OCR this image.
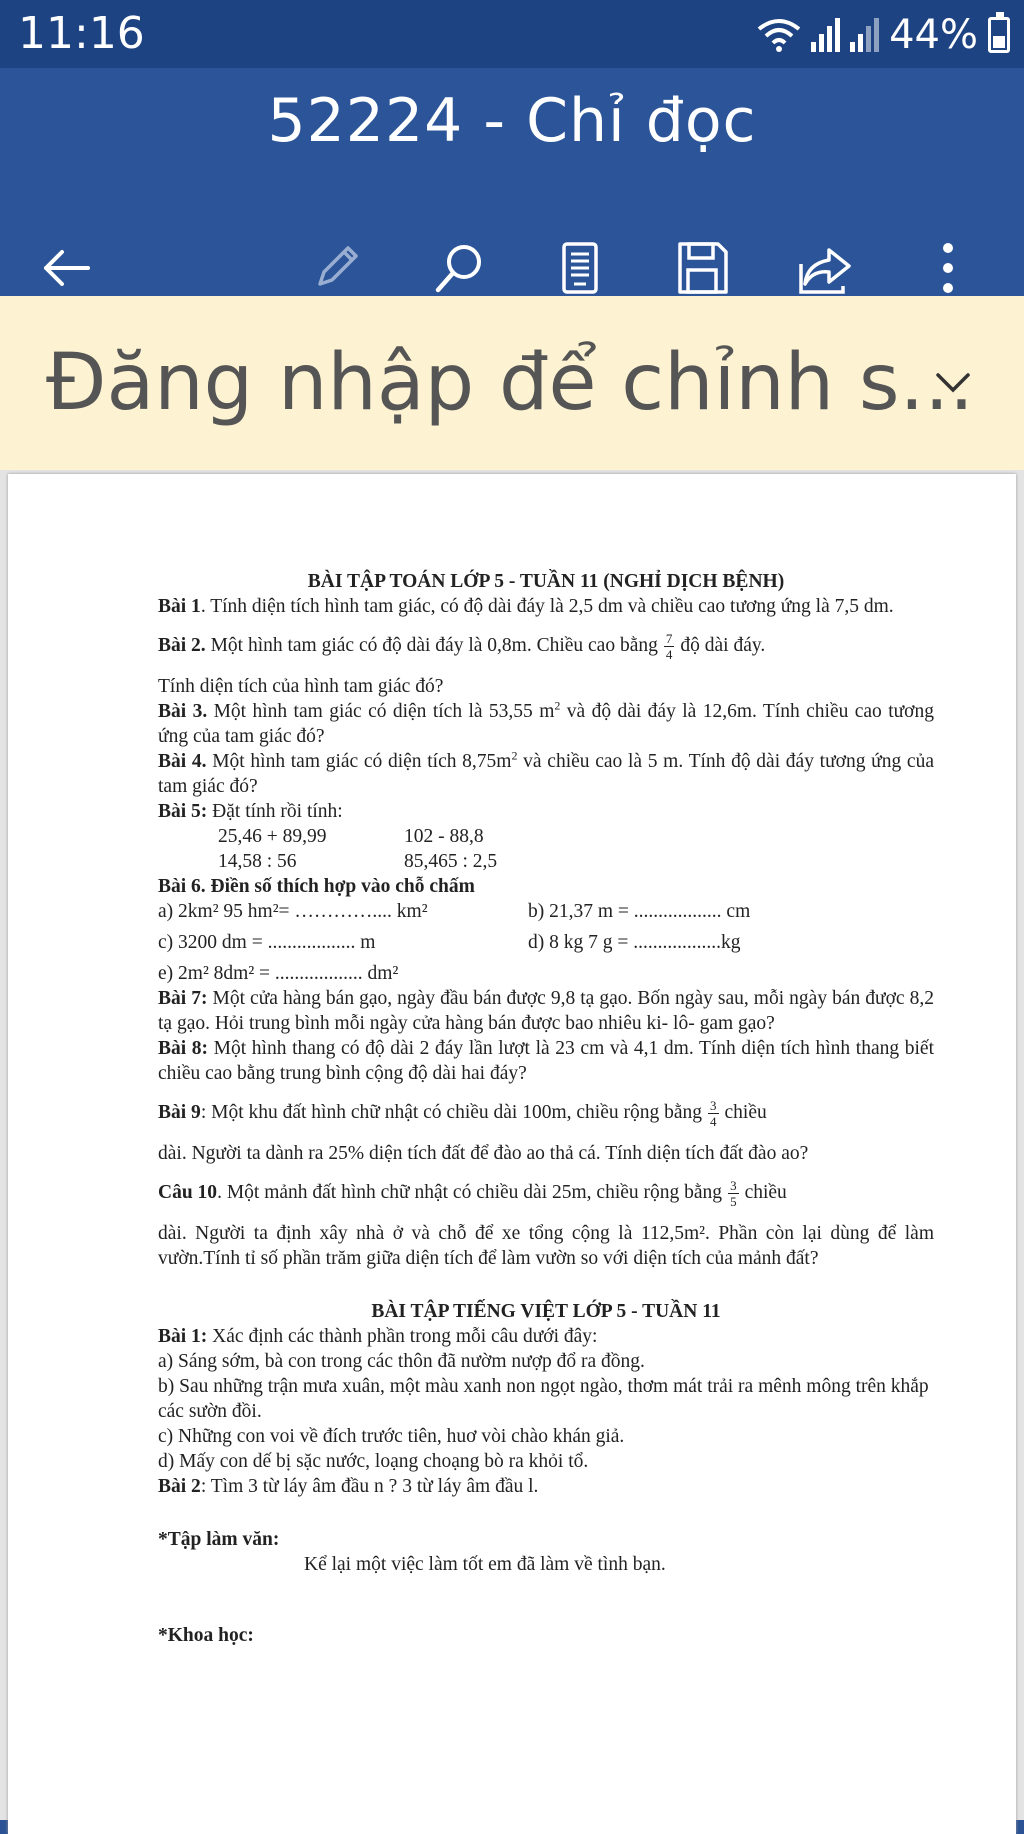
11:16	44%
52224 - Chỉ đọc
Đăng nhập để chỉnh s...

BÀI TẬP TOÁN LỚP 5 - TUẦN 11 (NGHỈ DỊCH BỆNH)

Bài 1. Tính diện tích hình tam giác, có độ dài đáy là 2,5 dm và chiều cao tương ứng là 7,5 dm.

Bài 2. Một hình tam giác có độ dài đáy là 0,8m. Chiều cao bằng $\frac{7}{4}$ độ dài đáy.

Tính diện tích của hình tam giác đó?

Bài 3. Một hình tam giác có diện tích là 53,55 $m^2$ và độ dài đáy là 12,6m. Tính chiều cao tương ứng của tam giác đó?

Bài 4. Một hình tam giác có diện tích $8,75m^2$ và chiều cao là 5 m. Tính độ dài đáy tương ứng của tam giác đó?

Bài 5: Đặt tính rồi tính:

25,46 + 89,99	102 - 88,8
14,58 : 56	85,465 : 2,5

Bài 6. Điền số thích hợp vào chỗ chấm

a) 2km² 95 hm²= ………….... km²	b) 21,37 m = .................. cm
c) 3200 dm = .................. m	d) 8 kg 7 g = ..................kg
e) 2m² 8dm² = .................. dm²

Bài 7: Một cửa hàng bán gạo, ngày đầu bán được 9,8 tạ gạo. Bốn ngày sau, mỗi ngày bán được 8,2 tạ gạo. Hỏi trung bình mỗi ngày cửa hàng bán được bao nhiêu ki- lô- gam gạo?

Bài 8: Một hình thang có độ dài 2 đáy lần lượt là 23 cm và 4,1 dm. Tính diện tích hình thang biết chiều cao bằng trung bình cộng độ dài hai đáy?

Bài 9: Một khu đất hình chữ nhật có chiều dài 100m, chiều rộng bằng $\frac{3}{4}$ chiều

dài. Người ta dành ra 25% diện tích đất để đào ao thả cá. Tính diện tích đất đào ao?

Câu 10. Một mảnh đất hình chữ nhật có chiều dài 25m, chiều rộng bằng $\frac{3}{5}$ chiều

dài. Người ta định xây nhà ở và chỗ để xe tổng cộng là 112,5m². Phần còn lại dùng để làm vườn.Tính tỉ số phần trăm giữa diện tích để làm vườn so với diện tích của mảnh đất?

BÀI TẬP TIẾNG VIỆT LỚP 5 - TUẦN 11

Bài 1: Xác định các thành phần trong mỗi câu dưới đây:

a) Sáng sớm, bà con trong các thôn đã nườm nượp đổ ra đồng.

b) Sau những trận mưa xuân, một màu xanh non ngọt ngào, thơm mát trải ra mênh mông trên khắp các sườn đồi.

c) Những con voi về đích trước tiên, huơ vòi chào khán giả.

d) Mấy con dế bị sặc nước, loạng choạng bò ra khỏi tổ.

Bài 2: Tìm 3 từ láy âm đầu n ? 3 từ láy âm đầu l.

*Tập làm văn:

Kể lại một việc làm tốt em đã làm về tình bạn.

*Khoa học:
